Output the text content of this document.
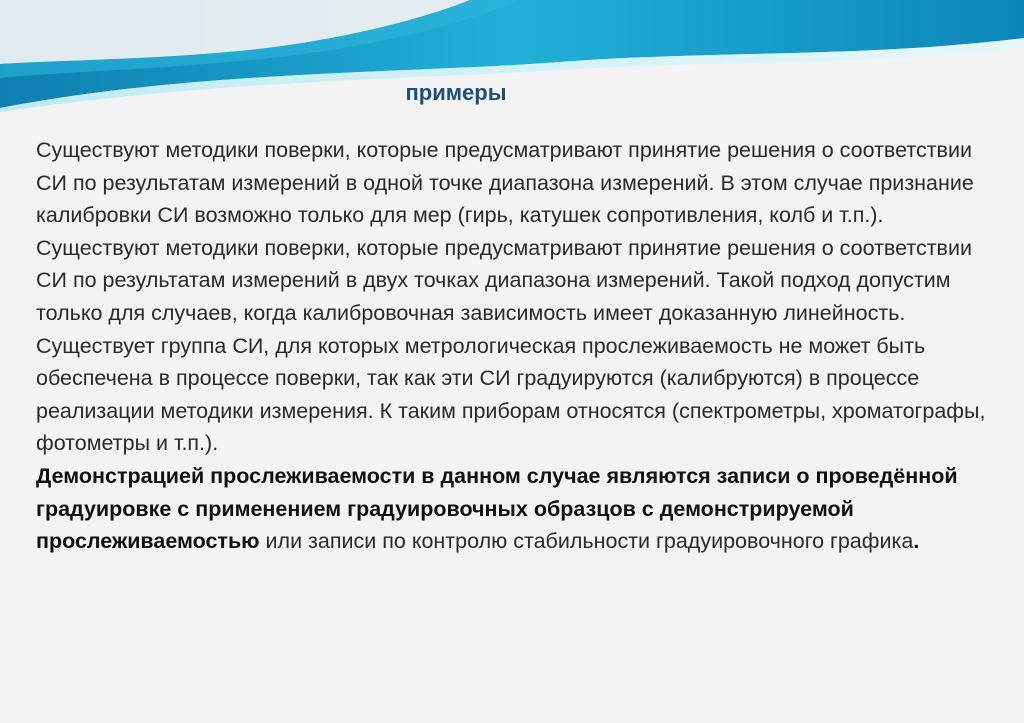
примеры

Существуют методики поверки, которые предусматривают принятие решения о соответствии СИ по результатам измерений в одной точке диапазона измерений. В этом случае признание калибровки СИ возможно только для мер (гирь, катушек сопротивления, колб и т.п.).

Существуют методики поверки, которые предусматривают принятие решения о соответствии СИ по результатам измерений в двух точках диапазона измерений. Такой подход допустим только для случаев, когда калибровочная зависимость имеет доказанную линейность.

Существует группа СИ, для которых метрологическая прослеживаемость не может быть обеспечена в процессе поверки, так как эти СИ градуируются (калибруются) в процессе реализации методики измерения. К таким приборам относятся (спектрометры, хроматографы, фотометры и т.п.).

Демонстрацией прослеживаемости в данном случае являются записи о проведённой градуировке с применением градуировочных образцов с демонстрируемой прослеживаемостью или записи по контролю стабильности градуировочного графика.
